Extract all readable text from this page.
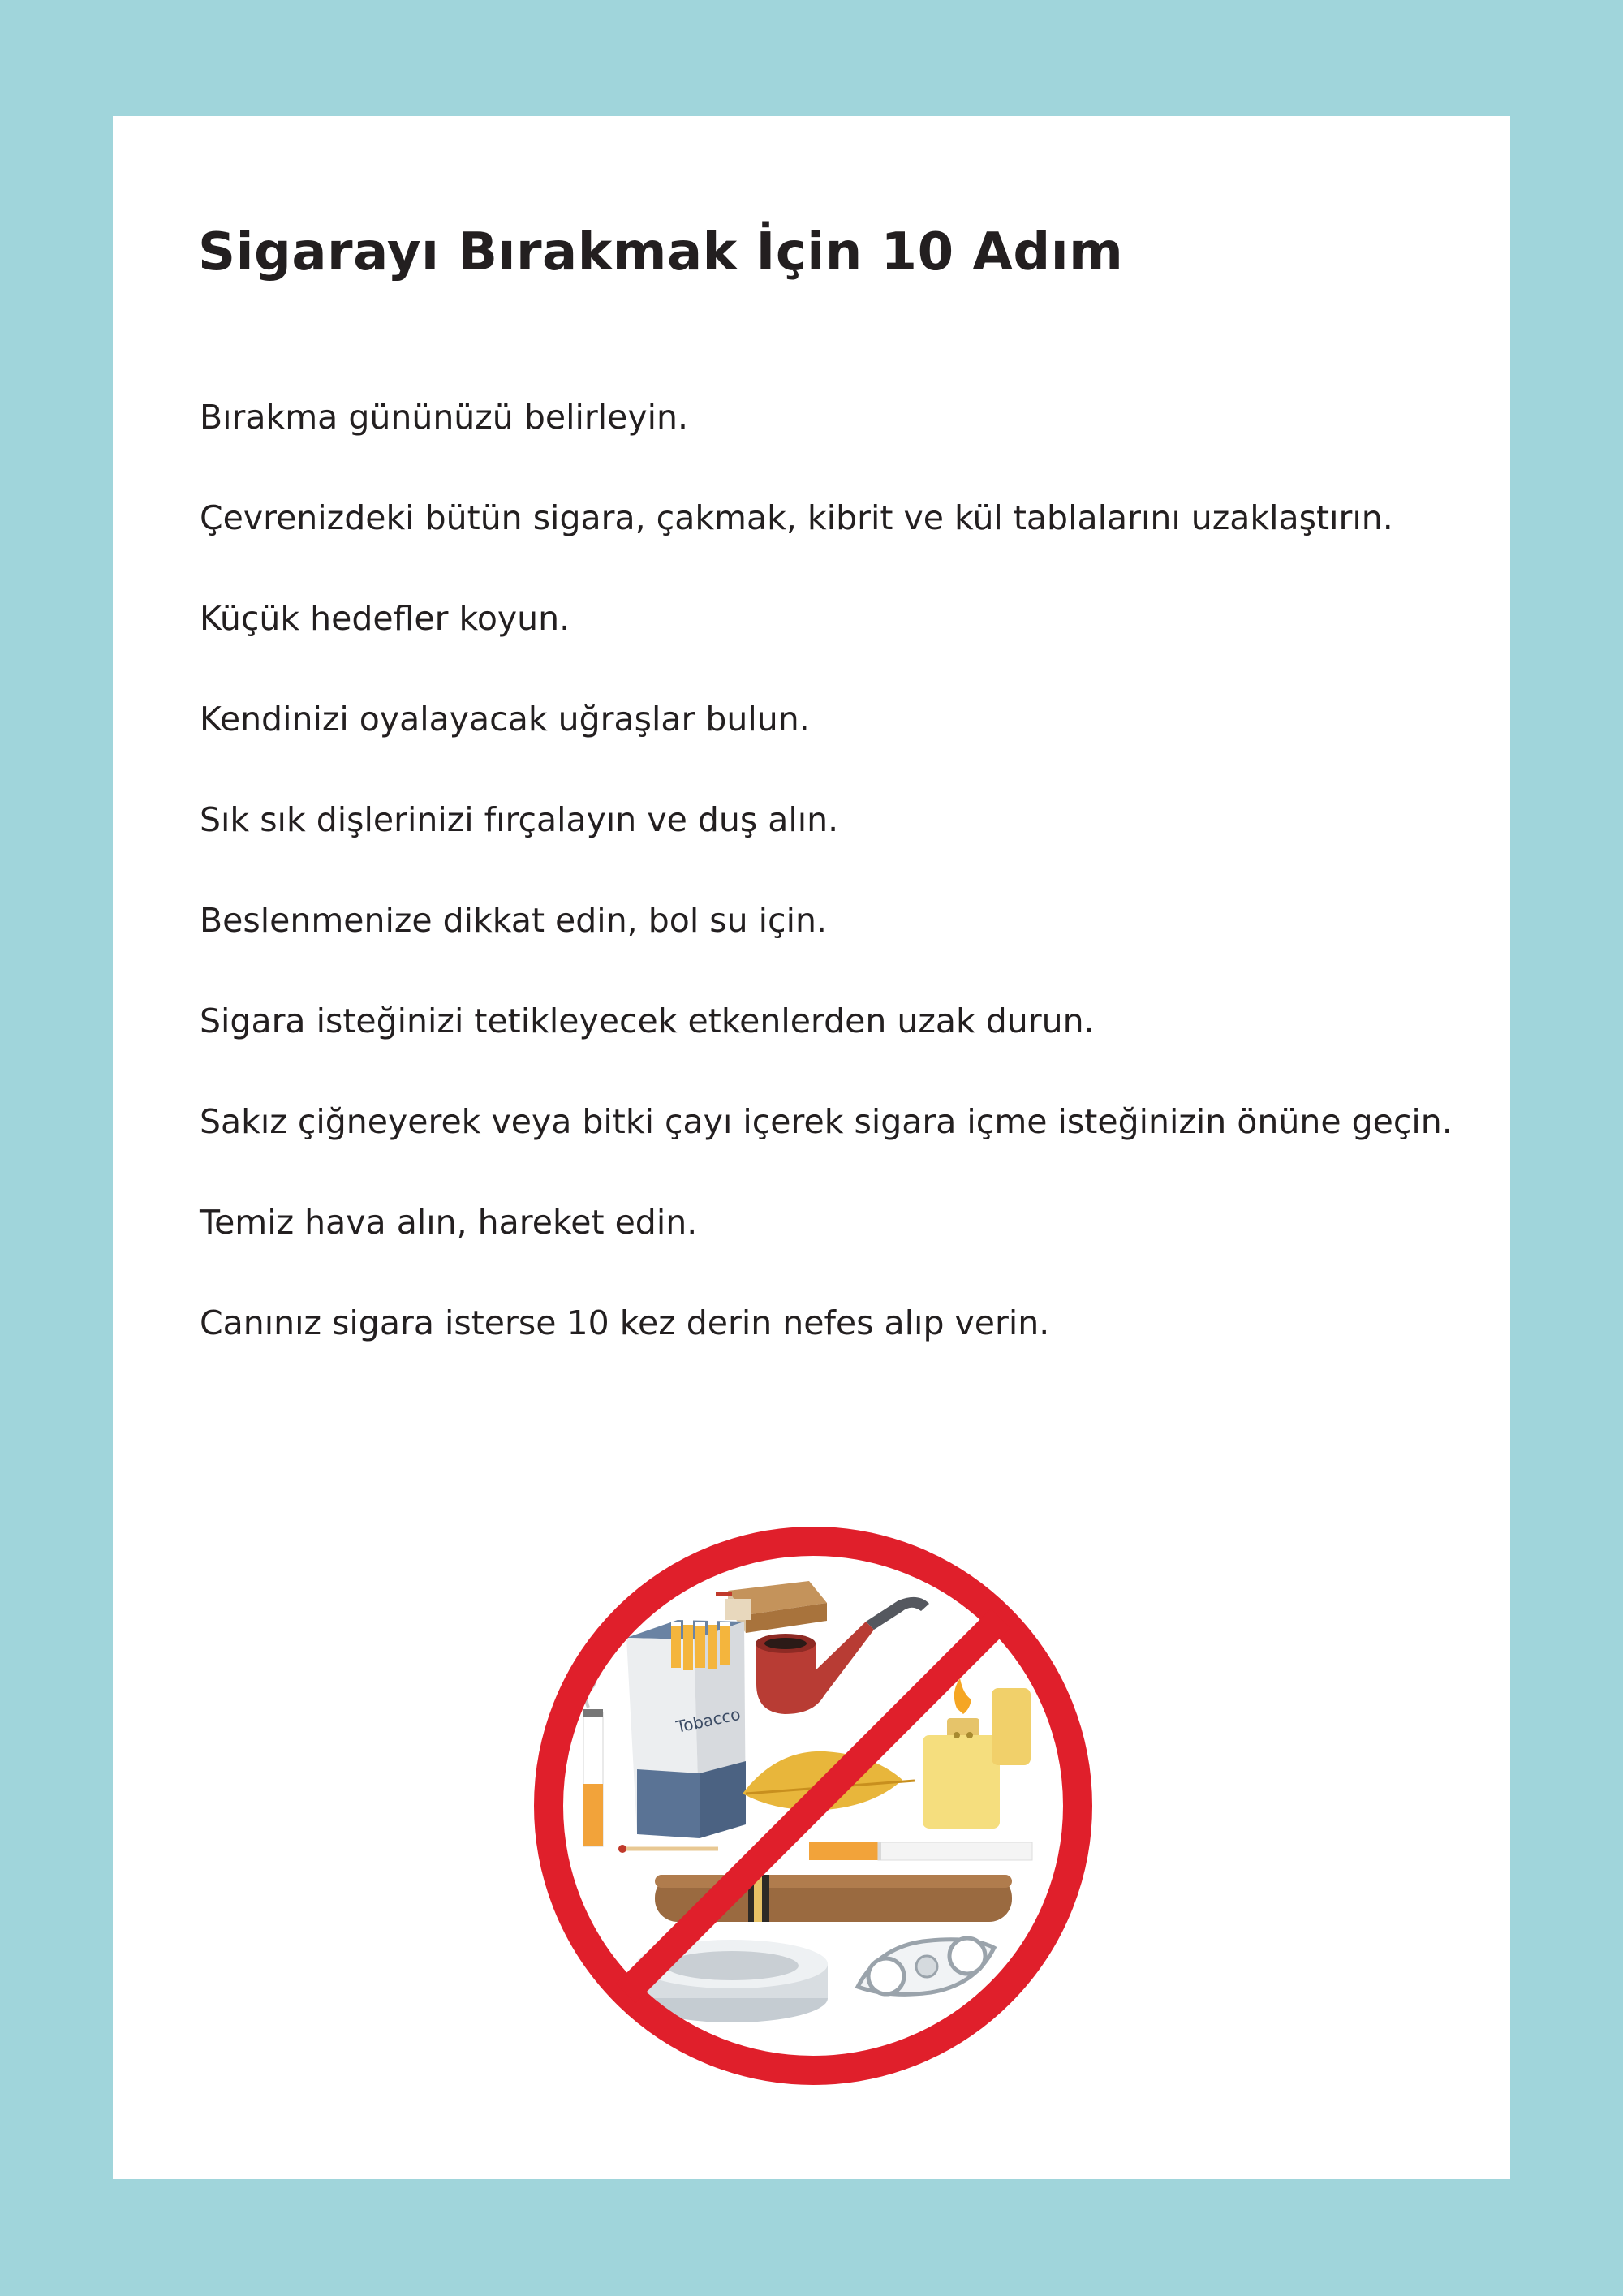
Sigarayı Bırakmak İçin 10 Adım
Bırakma gününüzü belirleyin.
Çevrenizdeki bütün sigara, çakmak, kibrit ve kül tablalarını uzaklaştırın.
Küçük hedefler koyun.
Kendinizi oyalayacak uğraşlar bulun.
Sık sık dişlerinizi fırçalayın ve duş alın.
Beslenmenize dikkat edin, bol su için.
Sigara isteğinizi tetikleyecek etkenlerden uzak durun.
Sakız çiğneyerek veya bitki çayı içerek sigara içme isteğinizin önüne geçin.
Temiz hava alın, hareket edin.
Canınız sigara isterse 10 kez derin nefes alıp verin.
Tobacco
